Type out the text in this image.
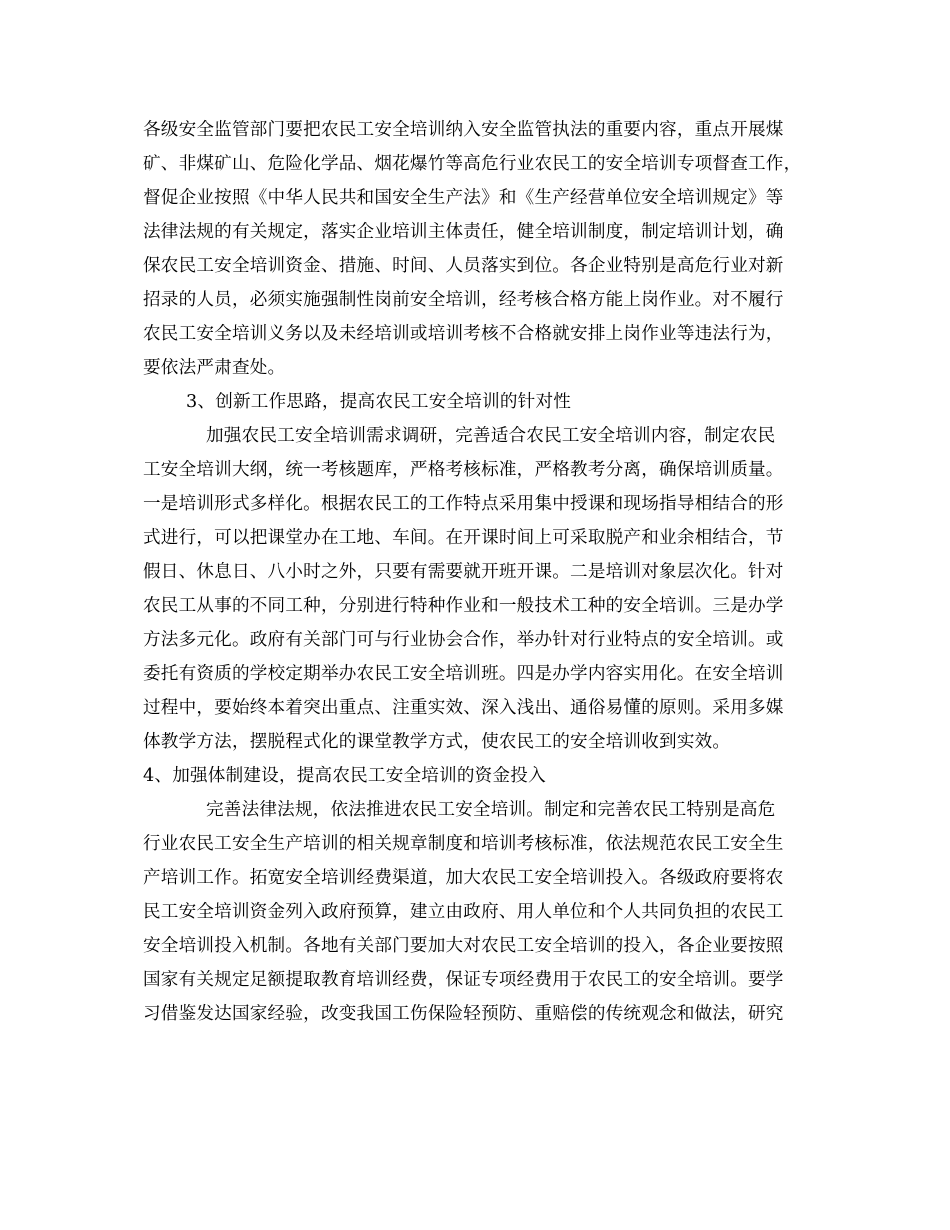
各级安全监管部门要把农民工安全培训纳入安全监管执法的重要内容，重点开展煤
矿、非煤矿山、危险化学品、烟花爆竹等高危行业农民工的安全培训专项督查工作，
督促企业按照《中华人民共和国安全生产法》和《生产经营单位安全培训规定》等
法律法规的有关规定，落实企业培训主体责任，健全培训制度，制定培训计划，确
保农民工安全培训资金、措施、时间、人员落实到位。各企业特别是高危行业对新
招录的人员，必须实施强制性岗前安全培训，经考核合格方能上岗作业。对不履行
农民工安全培训义务以及未经培训或培训考核不合格就安排上岗作业等违法行为，
要依法严肃查处。
3、创新工作思路，提高农民工安全培训的针对性
加强农民工安全培训需求调研，完善适合农民工安全培训内容，制定农民
工安全培训大纲，统一考核题库，严格考核标准，严格教考分离，确保培训质量。
一是培训形式多样化。根据农民工的工作特点采用集中授课和现场指导相结合的形
式进行，可以把课堂办在工地、车间。在开课时间上可采取脱产和业余相结合，节
假日、休息日、八小时之外，只要有需要就开班开课。二是培训对象层次化。针对
农民工从事的不同工种，分别进行特种作业和一般技术工种的安全培训。三是办学
方法多元化。政府有关部门可与行业协会合作，举办针对行业特点的安全培训。或
委托有资质的学校定期举办农民工安全培训班。四是办学内容实用化。在安全培训
过程中，要始终本着突出重点、注重实效、深入浅出、通俗易懂的原则。采用多媒
体教学方法，摆脱程式化的课堂教学方式，使农民工的安全培训收到实效。
4、加强体制建设，提高农民工安全培训的资金投入
完善法律法规，依法推进农民工安全培训。制定和完善农民工特别是高危
行业农民工安全生产培训的相关规章制度和培训考核标准，依法规范农民工安全生
产培训工作。拓宽安全培训经费渠道，加大农民工安全培训投入。各级政府要将农
民工安全培训资金列入政府预算，建立由政府、用人单位和个人共同负担的农民工
安全培训投入机制。各地有关部门要加大对农民工安全培训的投入，各企业要按照
国家有关规定足额提取教育培训经费，保证专项经费用于农民工的安全培训。要学
习借鉴发达国家经验，改变我国工伤保险轻预防、重赔偿的传统观念和做法，研究
